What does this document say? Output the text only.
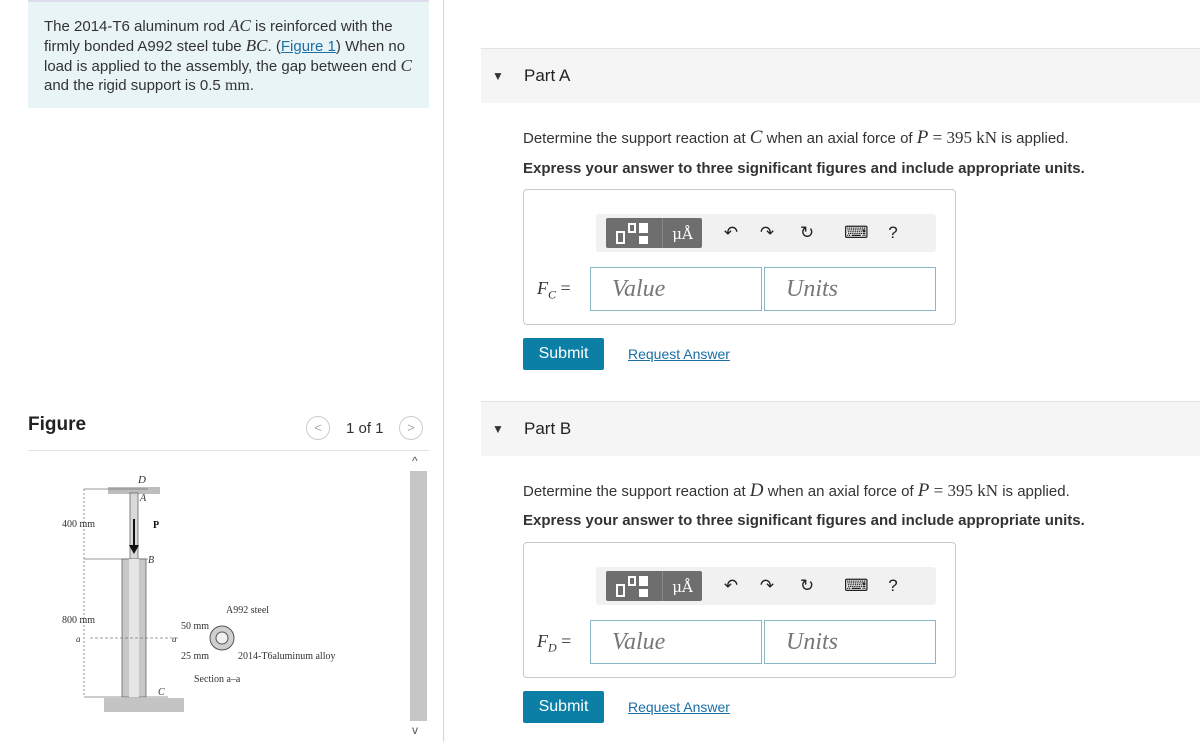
The 2014-T6 aluminum rod AC is reinforced with the firmly bonded A992 steel tube BC. (Figure 1) When no load is applied to the assembly, the gap between end C and the rigid support is 0.5 mm.
Figure	<	1 of 1	>
400 mm
800 mm
a	a
P
D
A
B
C
A992 steel
50 mm
25 mm	2014-T6aluminum alloy
Section a–a
^
v
▼ Part A
Determine the support reaction at C when an axial force of P = 395 kN is applied.
Express your answer to three significant figures and include appropriate units.
μÅ	↶ ↷ ↻ ⌨	?
$F_C$ =	Value	Units
Submit	Request Answer
▼ Part B
Determine the support reaction at D when an axial force of P = 395 kN is applied.
Express your answer to three significant figures and include appropriate units.
μÅ	↶ ↷ ↻ ⌨	?
$F_D$ =	Value	Units
Submit	Request Answer
